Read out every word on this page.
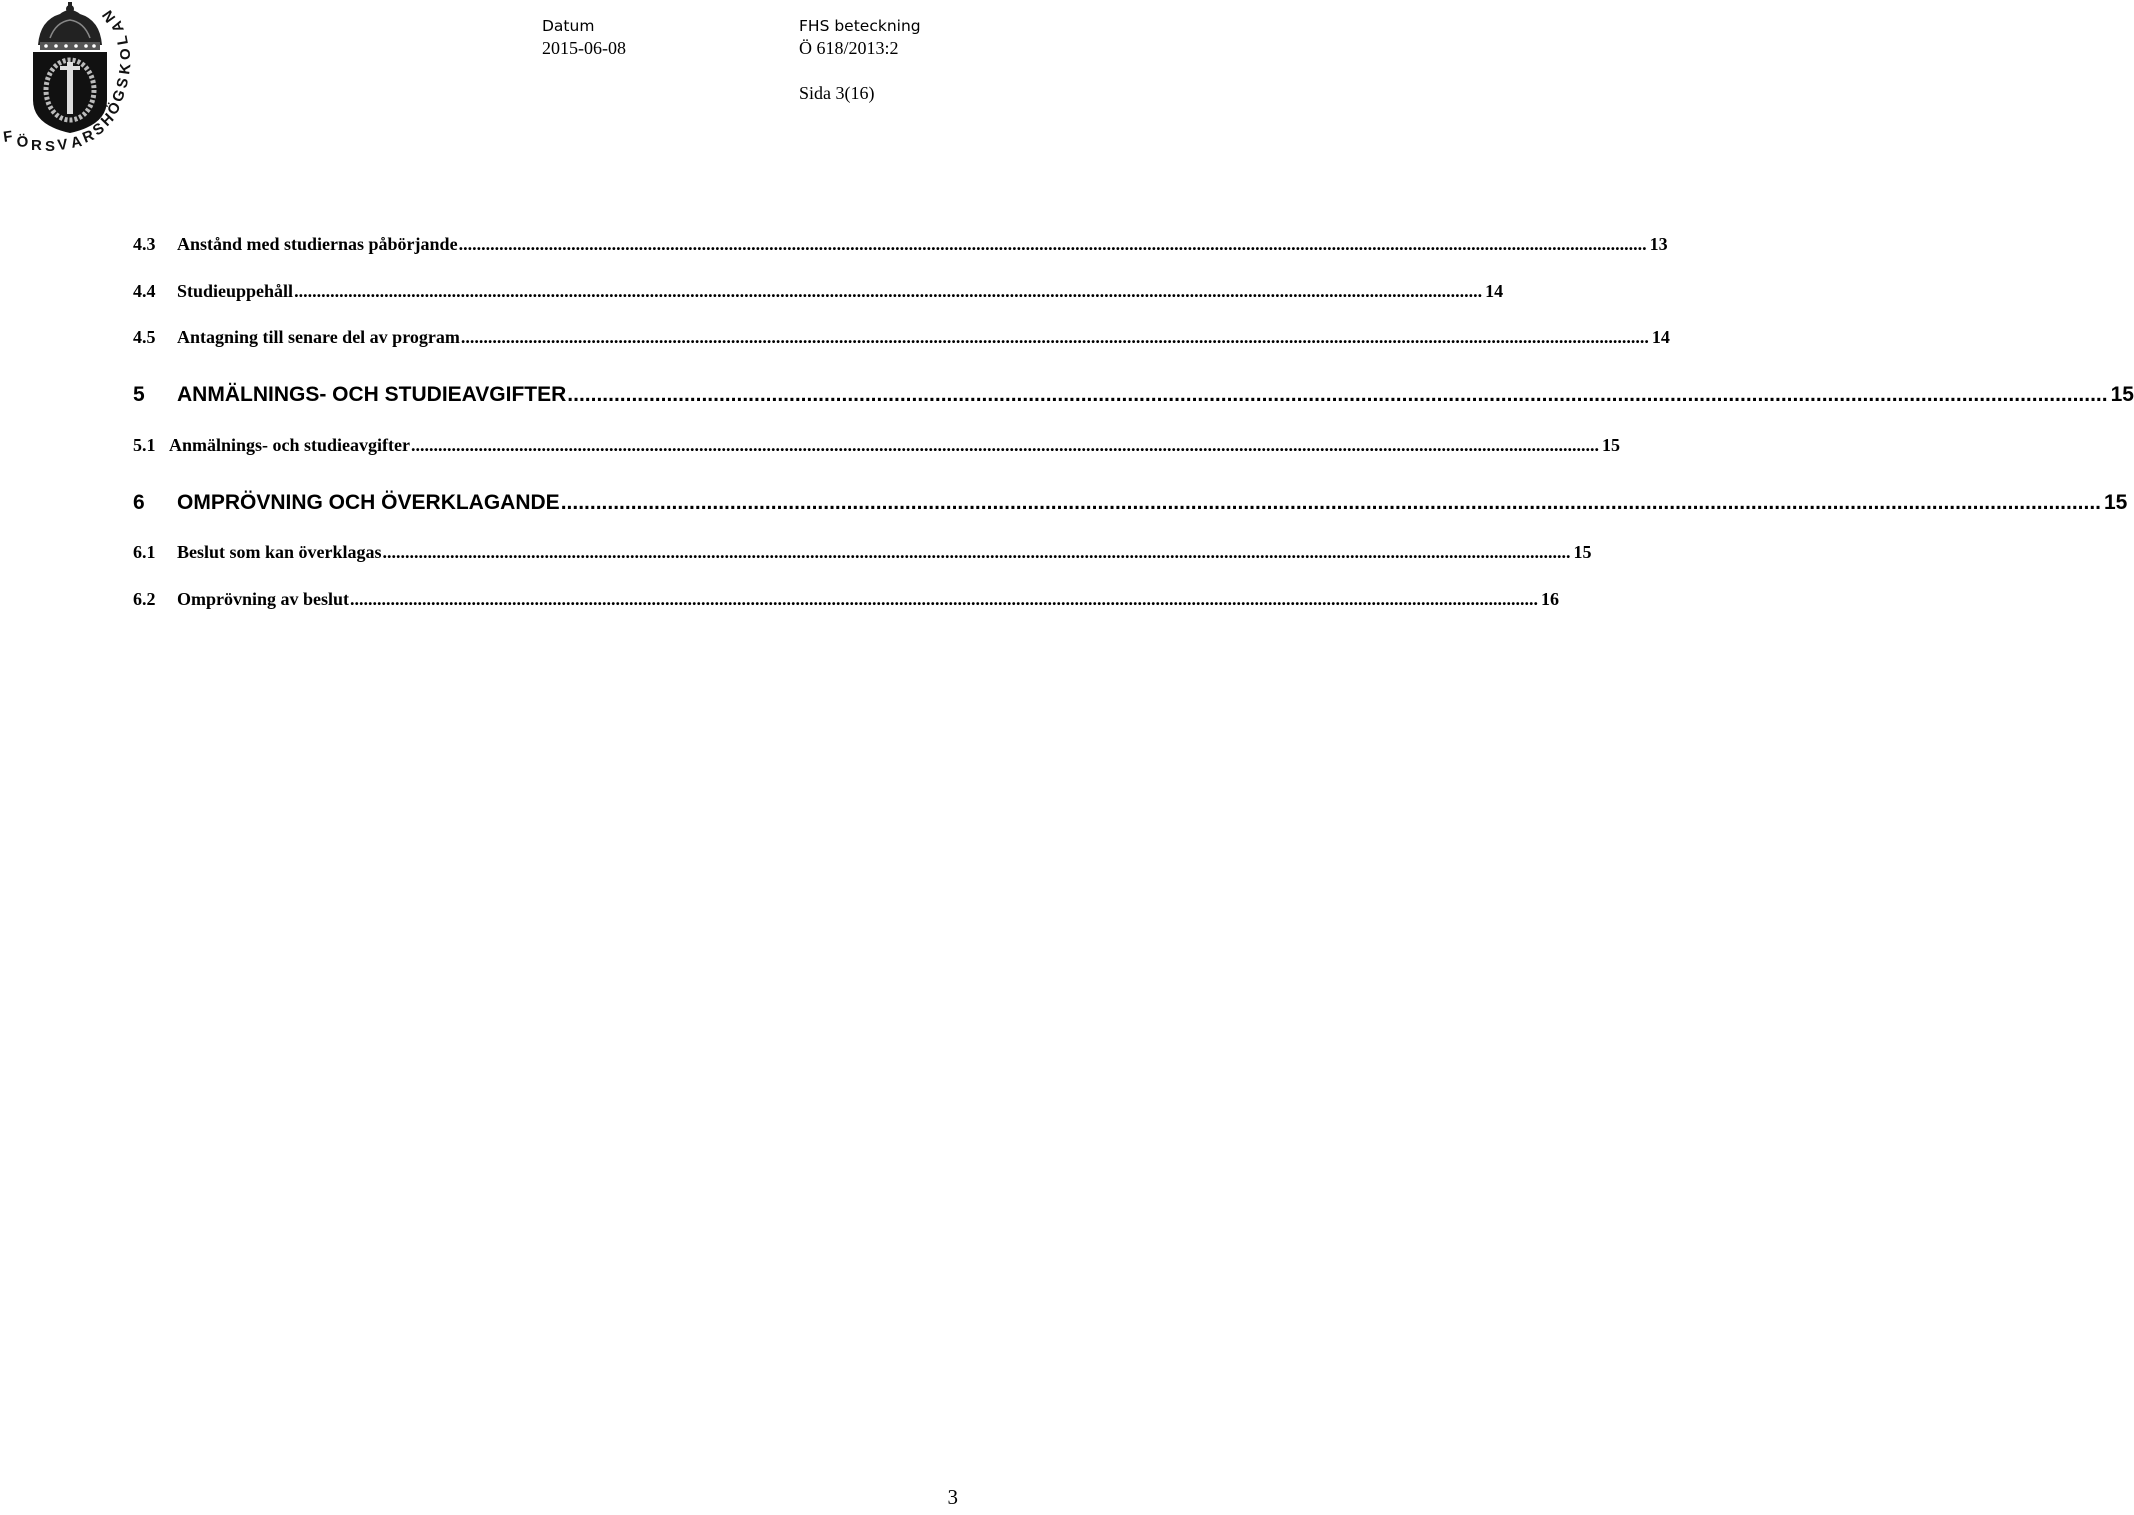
F Ö R S V A
R
S
H
Ö
G
S
K
O
L
A
N
Datum
2015-06-08
FHS beteckning
Ö 618/2013:2
Sida 3(16)
4.3	Anstånd med studiernas påbörjande .....	13
4.4	Studieuppehåll .....	14
4.5	Antagning till senare del av program .....	14
5	ANMÄLNINGS- OCH STUDIEAVGIFTER .....	15
5.1 Anmälnings- och studieavgifter .....	15
6	OMPRÖVNING OCH ÖVERKLAGANDE .....	15
6.1	Beslut som kan överklagas .....	15
6.2	Omprövning av beslut .....	16
3
